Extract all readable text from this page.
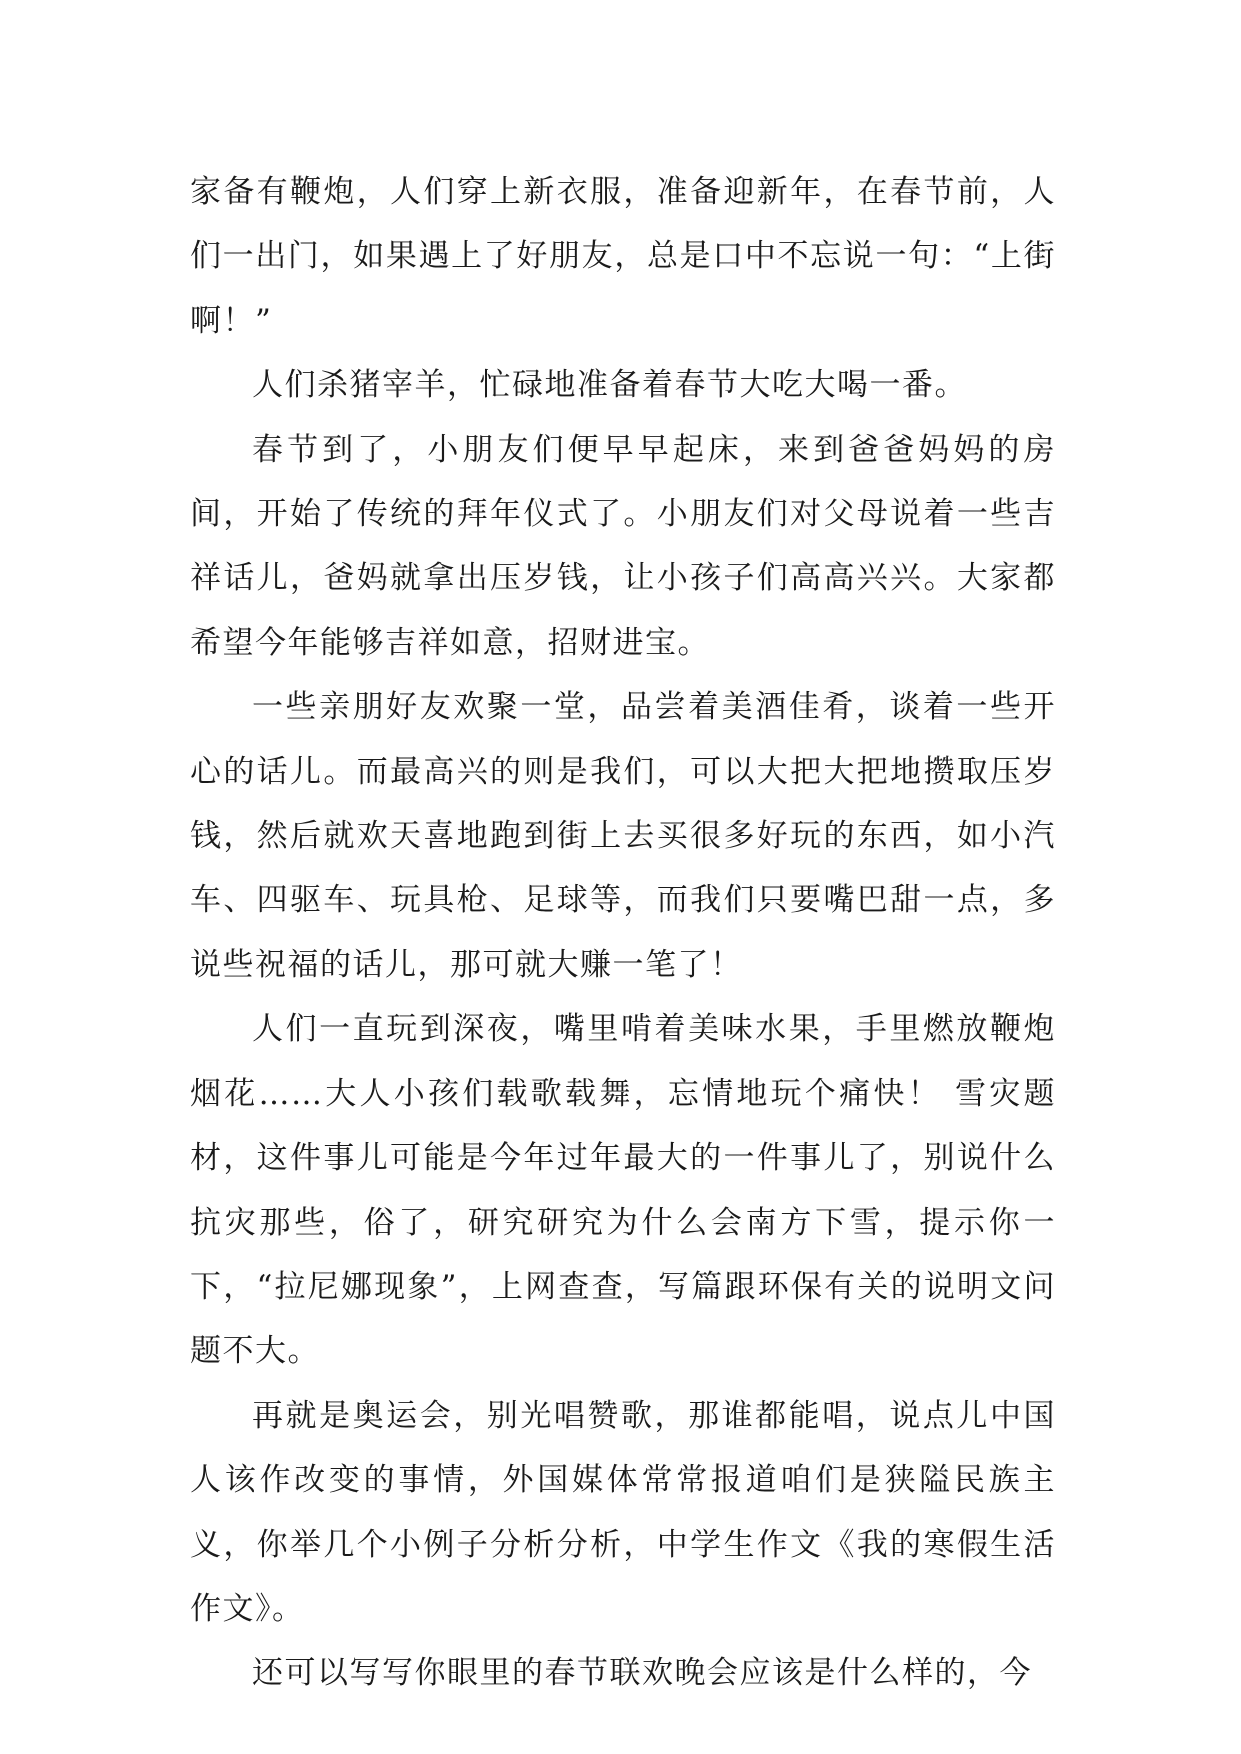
家备有鞭炮，人们穿上新衣服，准备迎新年，在春节前，人们一出门，如果遇上了好朋友，总是口中不忘说一句：“上街啊！”

人们杀猪宰羊，忙碌地准备着春节大吃大喝一番。

春节到了，小朋友们便早早起床，来到爸爸妈妈的房间，开始了传统的拜年仪式了。小朋友们对父母说着一些吉祥话儿，爸妈就拿出压岁钱，让小孩子们高高兴兴。大家都希望今年能够吉祥如意，招财进宝。

一些亲朋好友欢聚一堂，品尝着美酒佳肴，谈着一些开心的话儿。而最高兴的则是我们，可以大把大把地攒取压岁钱，然后就欢天喜地跑到街上去买很多好玩的东西，如小汽车、四驱车、玩具枪、足球等，而我们只要嘴巴甜一点，多说些祝福的话儿，那可就大赚一笔了！

人们一直玩到深夜，嘴里啃着美味水果，手里燃放鞭炮烟花……大人小孩们载歌载舞，忘情地玩个痛快！ 雪灾题材，这件事儿可能是今年过年最大的一件事儿了，别说什么抗灾那些，俗了，研究研究为什么会南方下雪，提示你一下，“拉尼娜现象”，上网查查，写篇跟环保有关的说明文问题不大。

再就是奥运会，别光唱赞歌，那谁都能唱，说点儿中国人该作改变的事情，外国媒体常常报道咱们是狭隘民族主义，你举几个小例子分析分析，中学生作文《我的寒假生活作文》。

还可以写写你眼里的春节联欢晚会应该是什么样的，今
